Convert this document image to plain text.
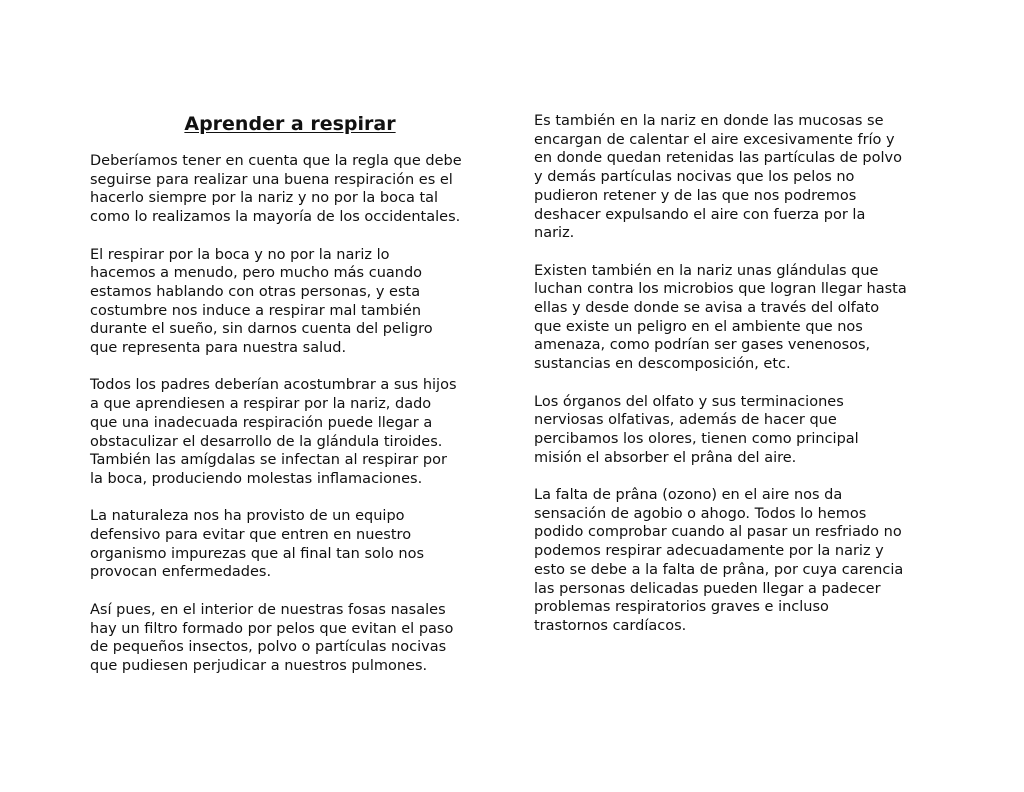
Aprender a respirar

Deberíamos tener en cuenta que la regla que debe
seguirse para realizar una buena respiración es el
hacerlo siempre por la nariz y no por la boca tal
como lo realizamos la mayoría de los occidentales.

El respirar por la boca y no por la nariz lo
hacemos a menudo, pero mucho más cuando
estamos hablando con otras personas, y esta
costumbre nos induce a respirar mal también
durante el sueño, sin darnos cuenta del peligro
que representa para nuestra salud.

Todos los padres deberían acostumbrar a sus hijos
a que aprendiesen a respirar por la nariz, dado
que una inadecuada respiración puede llegar a
obstaculizar el desarrollo de la glándula tiroides.
También las amígdalas se infectan al respirar por
la boca, produciendo molestas inflamaciones.

La naturaleza nos ha provisto de un equipo
defensivo para evitar que entren en nuestro
organismo impurezas que al final tan solo nos
provocan enfermedades.

Así pues, en el interior de nuestras fosas nasales
hay un filtro formado por pelos que evitan el paso
de pequeños insectos, polvo o partículas nocivas
que pudiesen perjudicar a nuestros pulmones.

Es también en la nariz en donde las mucosas se
encargan de calentar el aire excesivamente frío y
en donde quedan retenidas las partículas de polvo
y demás partículas nocivas que los pelos no
pudieron retener y de las que nos podremos
deshacer expulsando el aire con fuerza por la
nariz.

Existen también en la nariz unas glándulas que
luchan contra los microbios que logran llegar hasta
ellas y desde donde se avisa a través del olfato
que existe un peligro en el ambiente que nos
amenaza, como podrían ser gases venenosos,
sustancias en descomposición, etc.

Los órganos del olfato y sus terminaciones
nerviosas olfativas, además de hacer que
percibamos los olores, tienen como principal
misión el absorber el prâna del aire.

La falta de prâna (ozono) en el aire nos da
sensación de agobio o ahogo. Todos lo hemos
podido comprobar cuando al pasar un resfriado no
podemos respirar adecuadamente por la nariz y
esto se debe a la falta de prâna, por cuya carencia
las personas delicadas pueden llegar a padecer
problemas respiratorios graves e incluso
trastornos cardíacos.
